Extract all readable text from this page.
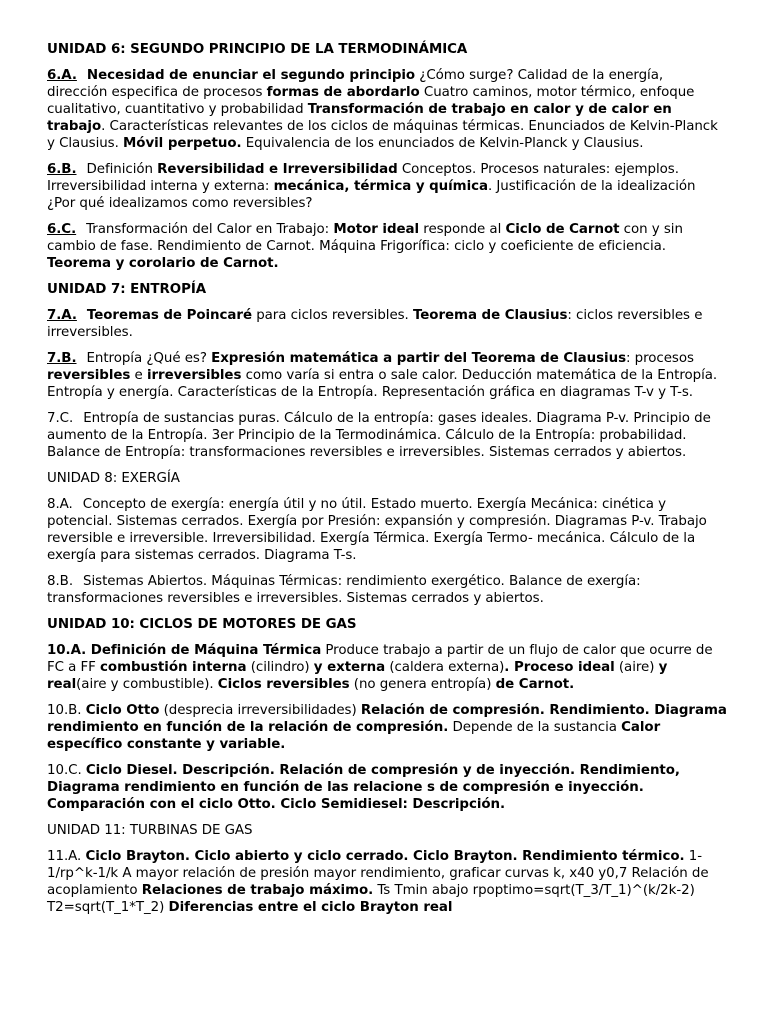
UNIDAD 6: SEGUNDO PRINCIPIO DE LA TERMODINÁMICA

6.A. Necesidad de enunciar el segundo principio ¿Cómo surge? Calidad de la energía, dirección especifica de procesos formas de abordarlo Cuatro caminos, motor térmico, enfoque cualitativo, cuantitativo y probabilidad Transformación de trabajo en calor y de calor en trabajo. Características relevantes de los ciclos de máquinas térmicas. Enunciados de Kelvin-Planck y Clausius. Móvil perpetuo. Equivalencia de los enunciados de Kelvin-Planck y Clausius.

6.B. Definición Reversibilidad e Irreversibilidad Conceptos. Procesos naturales: ejemplos. Irreversibilidad interna y externa: mecánica, térmica y química. Justificación de la idealización ¿Por qué idealizamos como reversibles?

6.C. Transformación del Calor en Trabajo: Motor ideal responde al Ciclo de Carnot con y sin cambio de fase. Rendimiento de Carnot. Máquina Frigorífica: ciclo y coeficiente de eficiencia. Teorema y corolario de Carnot.

UNIDAD 7: ENTROPÍA

7.A. Teoremas de Poincaré para ciclos reversibles. Teorema de Clausius: ciclos reversibles e irreversibles.

7.B. Entropía ¿Qué es? Expresión matemática a partir del Teorema de Clausius: procesos reversibles e irreversibles como varía si entra o sale calor. Deducción matemática de la Entropía. Entropía y energía. Características de la Entropía. Representación gráfica en diagramas T-v y T-s.

7.C. Entropía de sustancias puras. Cálculo de la entropía: gases ideales. Diagrama P-v. Principio de aumento de la Entropía. 3er Principio de la Termodinámica. Cálculo de la Entropía: probabilidad. Balance de Entropía: transformaciones reversibles e irreversibles. Sistemas cerrados y abiertos.

UNIDAD 8: EXERGÍA

8.A. Concepto de exergía: energía útil y no útil. Estado muerto. Exergía Mecánica: cinética y potencial. Sistemas cerrados. Exergía por Presión: expansión y compresión. Diagramas P-v. Trabajo reversible e irreversible. Irreversibilidad. Exergía Térmica. Exergía Termo- mecánica. Cálculo de la exergía para sistemas cerrados. Diagrama T-s.

8.B. Sistemas Abiertos. Máquinas Térmicas: rendimiento exergético. Balance de exergía: transformaciones reversibles e irreversibles. Sistemas cerrados y abiertos.

UNIDAD 10: CICLOS DE MOTORES DE GAS

10.A. Definición de Máquina Térmica Produce trabajo a partir de un flujo de calor que ocurre de FC a FF combustión interna (cilindro) y externa (caldera externa). Proceso ideal (aire) y real(aire y combustible). Ciclos reversibles (no genera entropía) de Carnot.

10.B. Ciclo Otto (desprecia irreversibilidades) Relación de compresión. Rendimiento. Diagrama rendimiento en función de la relación de compresión. Depende de la sustancia Calor específico constante y variable.

10.C. Ciclo Diesel. Descripción. Relación de compresión y de inyección. Rendimiento, Diagrama rendimiento en función de las relacione s de compresión e inyección. Comparación con el ciclo Otto. Ciclo Semidiesel: Descripción.

UNIDAD 11: TURBINAS DE GAS

11.A. Ciclo Brayton. Ciclo abierto y ciclo cerrado. Ciclo Brayton. Rendimiento térmico. 1-1/rp^k-1/k A mayor relación de presión mayor rendimiento, graficar curvas k, x40 y0,7 Relación de acoplamiento Relaciones de trabajo máximo. Ts Tmin abajo rpoptimo=sqrt(T_3/T_1)^(k/2k-2) T2=sqrt(T_1*T_2) Diferencias entre el ciclo Brayton real
